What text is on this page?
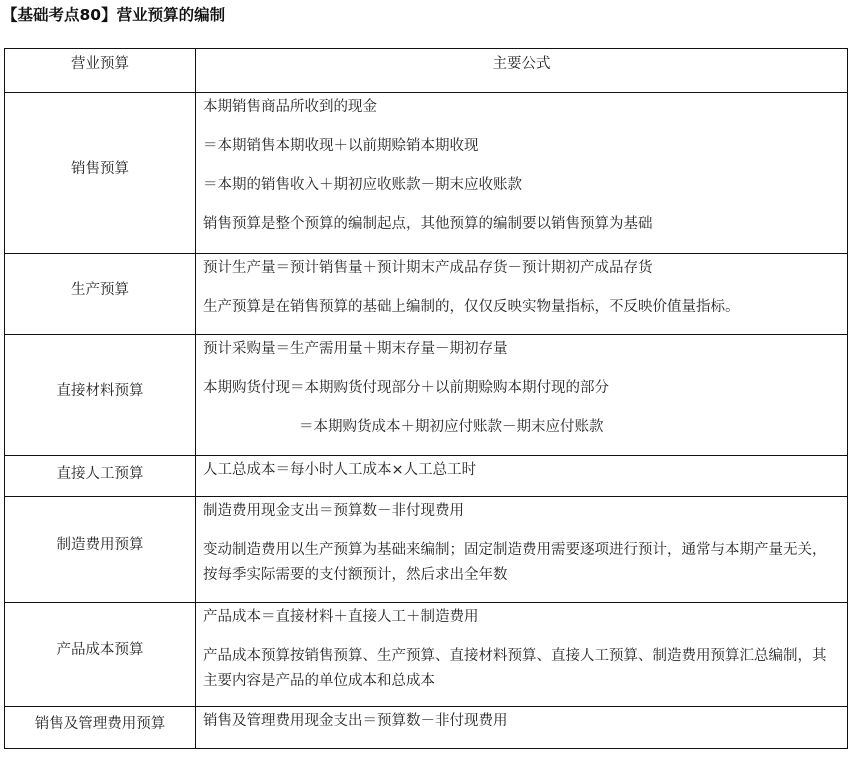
【基础考点80】营业预算的编制
营业预算	主要公式
销售预算	本期销售商品所收到的现金
＝本期销售本期收现＋以前期赊销本期收现
＝本期的销售收入＋期初应收账款－期末应收账款
销售预算是整个预算的编制起点，其他预算的编制要以销售预算为基础

生产预算	预计生产量＝预计销售量＋预计期末产成品存货－预计期初产成品存货
生产预算是在销售预算的基础上编制的，仅仅反映实物量指标，不反映价值量指标。

直接材料预算	预计采购量＝生产需用量＋期末存量－期初存量
本期购货付现＝本期购货付现部分＋以前期赊购本期付现的部分
＝本期购货成本＋期初应付账款－期末应付账款

直接人工预算	人工总成本＝每小时人工成本×人工总工时

制造费用预算	制造费用现金支出＝预算数－非付现费用
变动制造费用以生产预算为基础来编制；固定制造费用需要逐项进行预计，通常与本期产量无关，按每季实际需要的支付额预计，然后求出全年数

产品成本预算	产品成本＝直接材料＋直接人工＋制造费用
产品成本预算按销售预算、生产预算、直接材料预算、直接人工预算、制造费用预算汇总编制，其主要内容是产品的单位成本和总成本

销售及管理费用预算	销售及管理费用现金支出＝预算数－非付现费用
